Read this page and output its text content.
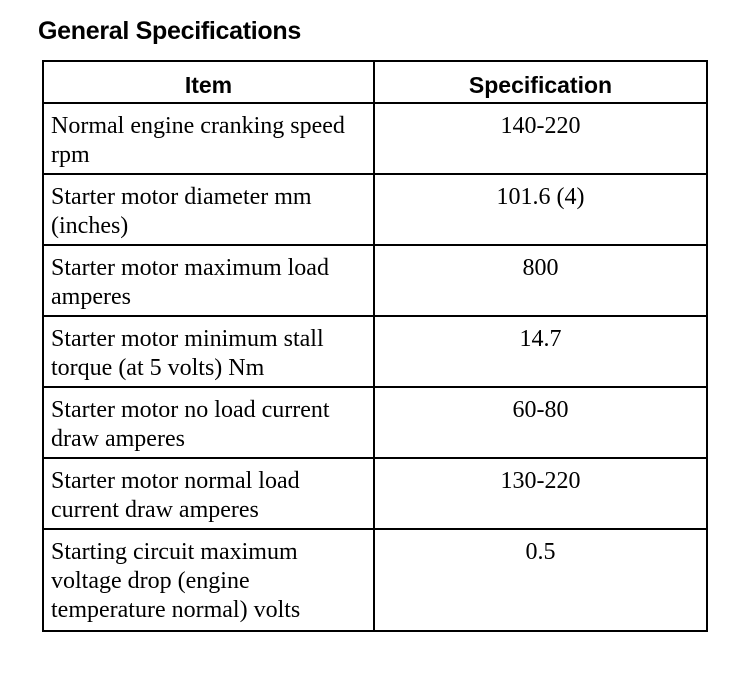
General Specifications
Item	Specification
Normal engine cranking speed rpm	140-220
Starter motor diameter mm (inches)	101.6 (4)
Starter motor maximum load amperes	800
Starter motor minimum stall torque (at 5 volts) Nm	14.7
Starter motor no load current draw amperes	60-80
Starter motor normal load current draw amperes	130-220
Starting circuit maximum voltage drop (engine temperature normal) volts	0.5
